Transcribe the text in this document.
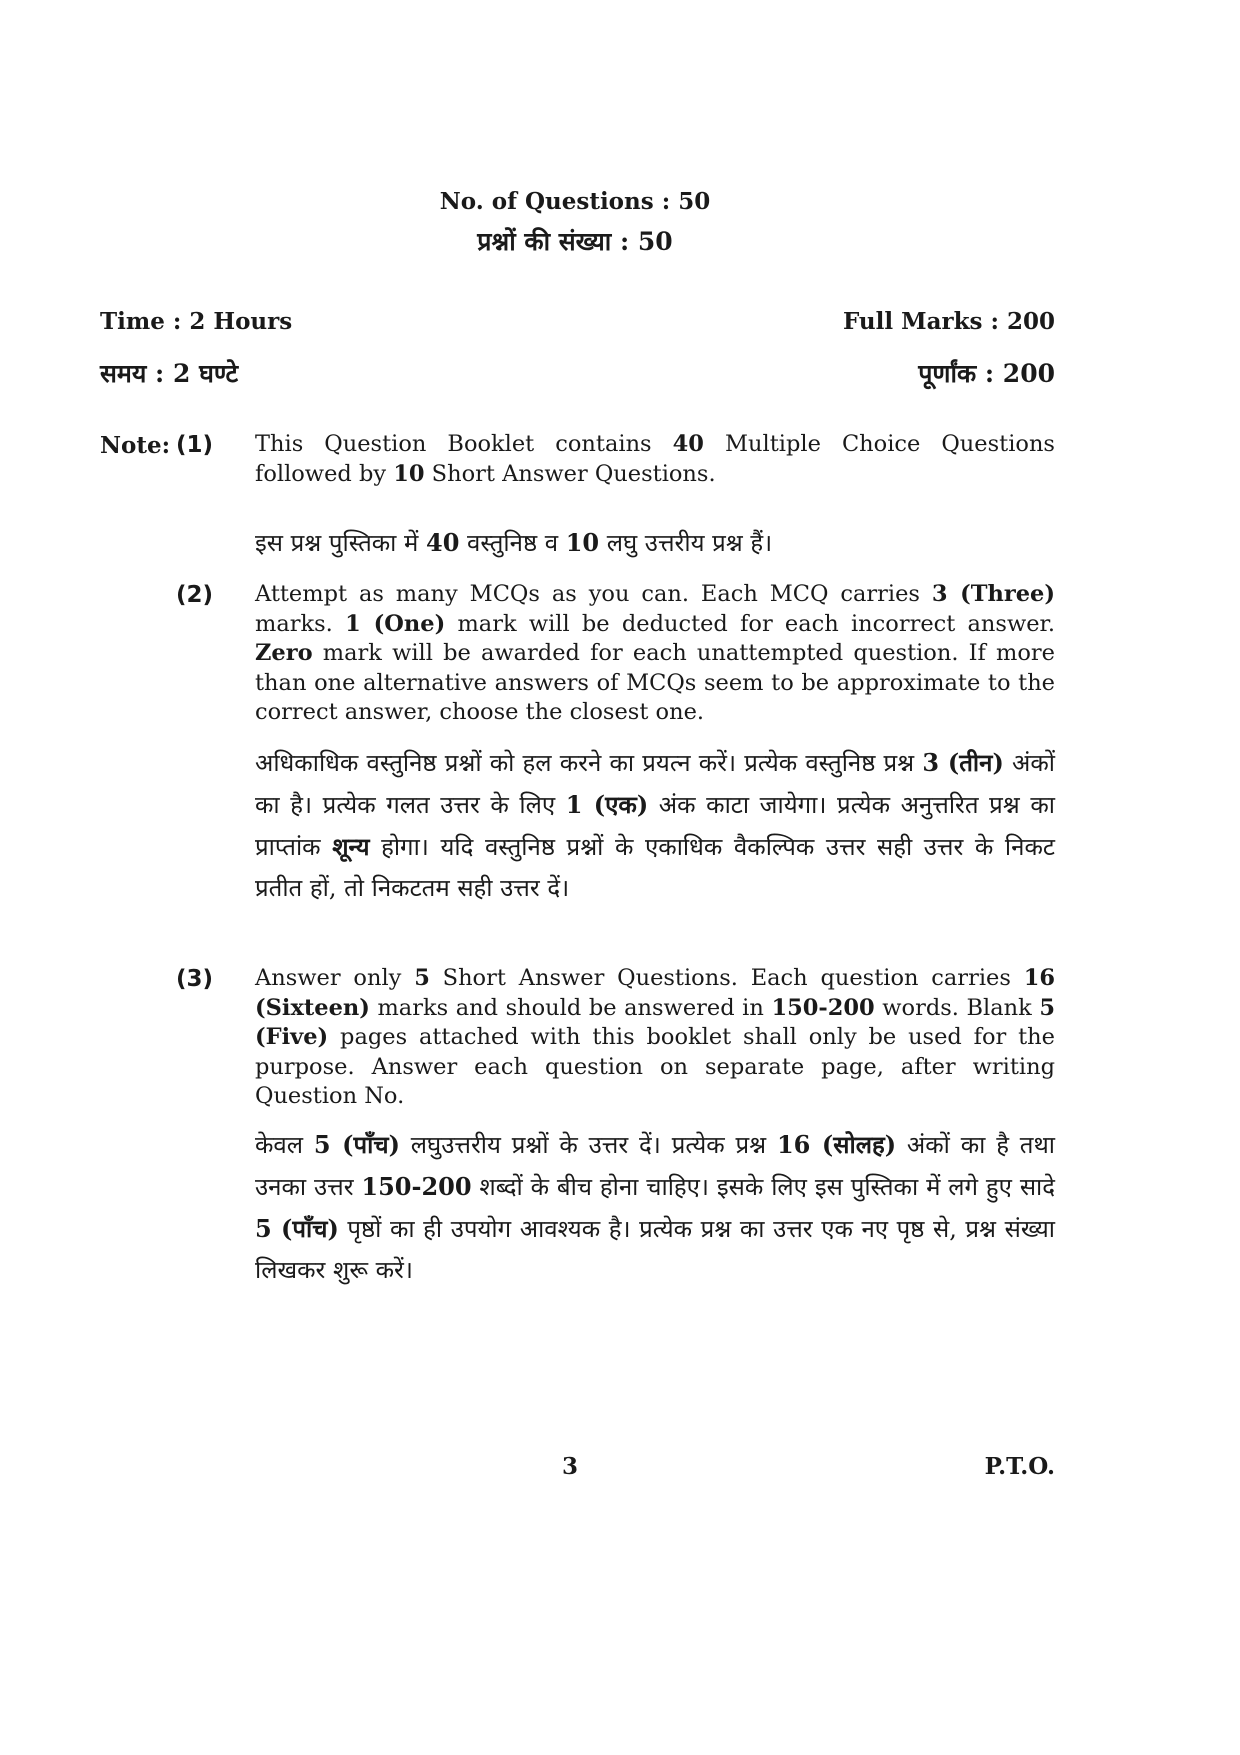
No. of Questions : 50
प्रश्नों की संख्या : 50
Time : 2 Hours	Full Marks : 200
समय : 2 घण्टे	पूर्णांक : 200
Note: (1) This Question Booklet contains 40 Multiple Choice Questions followed by 10 Short Answer Questions.
इस प्रश्न पुस्तिका में 40 वस्तुनिष्ठ व 10 लघु उत्तरीय प्रश्न हैं।
(2) Attempt as many MCQs as you can. Each MCQ carries 3 (Three) marks. 1 (One) mark will be deducted for each incorrect answer. Zero mark will be awarded for each unattempted question. If more than one alternative answers of MCQs seem to be approximate to the correct answer, choose the closest one.
अधिकाधिक वस्तुनिष्ठ प्रश्नों को हल करने का प्रयत्न करें। प्रत्येक वस्तुनिष्ठ प्रश्न 3 (तीन) अंकों का है। प्रत्येक गलत उत्तर के लिए 1 (एक) अंक काटा जायेगा। प्रत्येक अनुत्तरित प्रश्न का प्राप्तांक शून्य होगा। यदि वस्तुनिष्ठ प्रश्नों के एकाधिक वैकल्पिक उत्तर सही उत्तर के निकट प्रतीत हों, तो निकटतम सही उत्तर दें।
(3) Answer only 5 Short Answer Questions. Each question carries 16 (Sixteen) marks and should be answered in 150-200 words. Blank 5 (Five) pages attached with this booklet shall only be used for the purpose. Answer each question on separate page, after writing Question No.
केवल 5 (पाँच) लघुउत्तरीय प्रश्नों के उत्तर दें। प्रत्येक प्रश्न 16 (सोलह) अंकों का है तथा उनका उत्तर 150-200 शब्दों के बीच होना चाहिए। इसके लिए इस पुस्तिका में लगे हुए सादे 5 (पाँच) पृष्ठों का ही उपयोग आवश्यक है। प्रत्येक प्रश्न का उत्तर एक नए पृष्ठ से, प्रश्न संख्या लिखकर शुरू करें।
3	P.T.O.
